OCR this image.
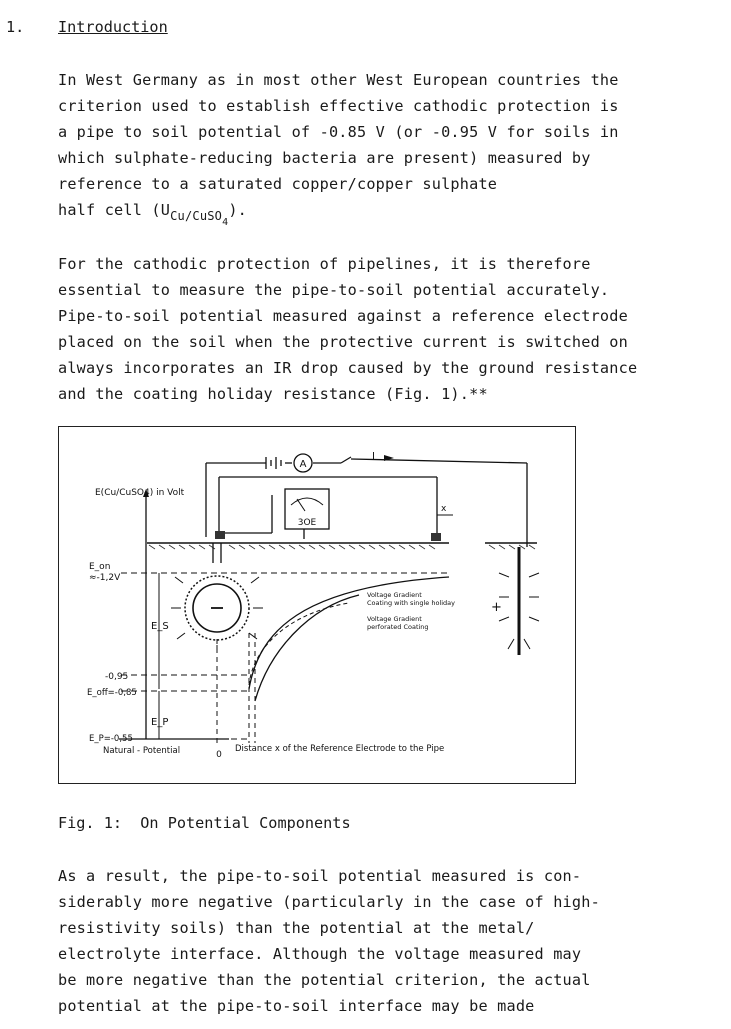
1. Introduction
In West Germany as in most other West European countries the
criterion used to establish effective cathodic protection is
a pipe to soil potential of -0.85 V (or -0.95 V for soils in
which sulphate-reducing bacteria are present) measured by
reference to a saturated copper/copper sulphate
half cell $(U_{Cu/CuSO_4})$.
For the cathodic protection of pipelines, it is therefore
essential to measure the pipe-to-soil potential accurately.
Pipe-to-soil potential measured against a reference electrode
placed on the soil when the protective current is switched on
always incorporates an IR drop caused by the ground resistance
and the coating holiday resistance (Fig. 1).**
A
I
3OE
x
+
E(Cu/CuSO4) in Volt
E_on
≈-1,2V
E_S
E_P
-0,95
E_off=-0,85
E_P=-0,55
Natural - Potential	0
Distance x of the Reference Electrode to the Pipe
Voltage Gradient
Coating with single holiday
Voltage Gradient
perforated Coating
Fig. 1:  On Potential Components
As a result, the pipe-to-soil potential measured is con-
siderably more negative (particularly in the case of high-
resistivity soils) than the potential at the metal/
electrolyte interface. Although the voltage measured may
be more negative than the potential criterion, the actual
potential at the pipe-to-soil interface may be made
